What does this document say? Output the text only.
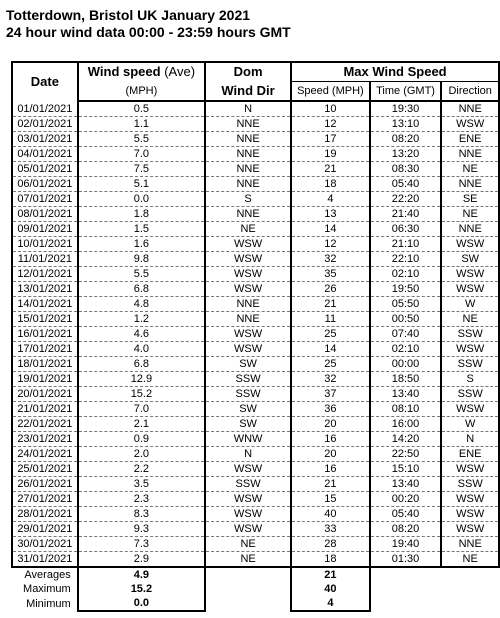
Totterdown, Bristol UK January 2021
24 hour wind data 00:00 - 23:59 hours GMT
Date	Wind speed (Ave)	Dom	Max Wind Speed		
	(MPH)	Wind Dir	Speed (MPH)	Time (GMT)	Direction
01/01/2021	0.5	N	10	19:30	NNE
02/01/2021	1.1	NNE	12	13:10	WSW
03/01/2021	5.5	NNE	17	08:20	ENE
04/01/2021	7.0	NNE	19	13:20	NNE
05/01/2021	7.5	NNE	21	08:30	NE
06/01/2021	5.1	NNE	18	05:40	NNE
07/01/2021	0.0	S	4	22:20	SE
08/01/2021	1.8	NNE	13	21:40	NE
09/01/2021	1.5	NE	14	06:30	NNE
10/01/2021	1.6	WSW	12	21:10	WSW
11/01/2021	9.8	WSW	32	22:10	SW
12/01/2021	5.5	WSW	35	02:10	WSW
13/01/2021	6.8	WSW	26	19:50	WSW
14/01/2021	4.8	NNE	21	05:50	W
15/01/2021	1.2	NNE	11	00:50	NE
16/01/2021	4.6	WSW	25	07:40	SSW
17/01/2021	4.0	WSW	14	02:10	WSW
18/01/2021	6.8	SW	25	00:00	SSW
19/01/2021	12.9	SSW	32	18:50	S
20/01/2021	15.2	SSW	37	13:40	SSW
21/01/2021	7.0	SW	36	08:10	WSW
22/01/2021	2.1	SW	20	16:00	W
23/01/2021	0.9	WNW	16	14:20	N
24/01/2021	2.0	N	20	22:50	ENE
25/01/2021	2.2	WSW	16	15:10	WSW
26/01/2021	3.5	SSW	21	13:40	SSW
27/01/2021	2.3	WSW	15	00:20	WSW
28/01/2021	8.3	WSW	40	05:40	WSW
29/01/2021	9.3	WSW	33	08:20	WSW
30/01/2021	7.3	NE	28	19:40	NNE
31/01/2021	2.9	NE	18	01:30	NE
Averages	4.9		21		
Maximum	15.2		40		
Minimum	0.0		4		
